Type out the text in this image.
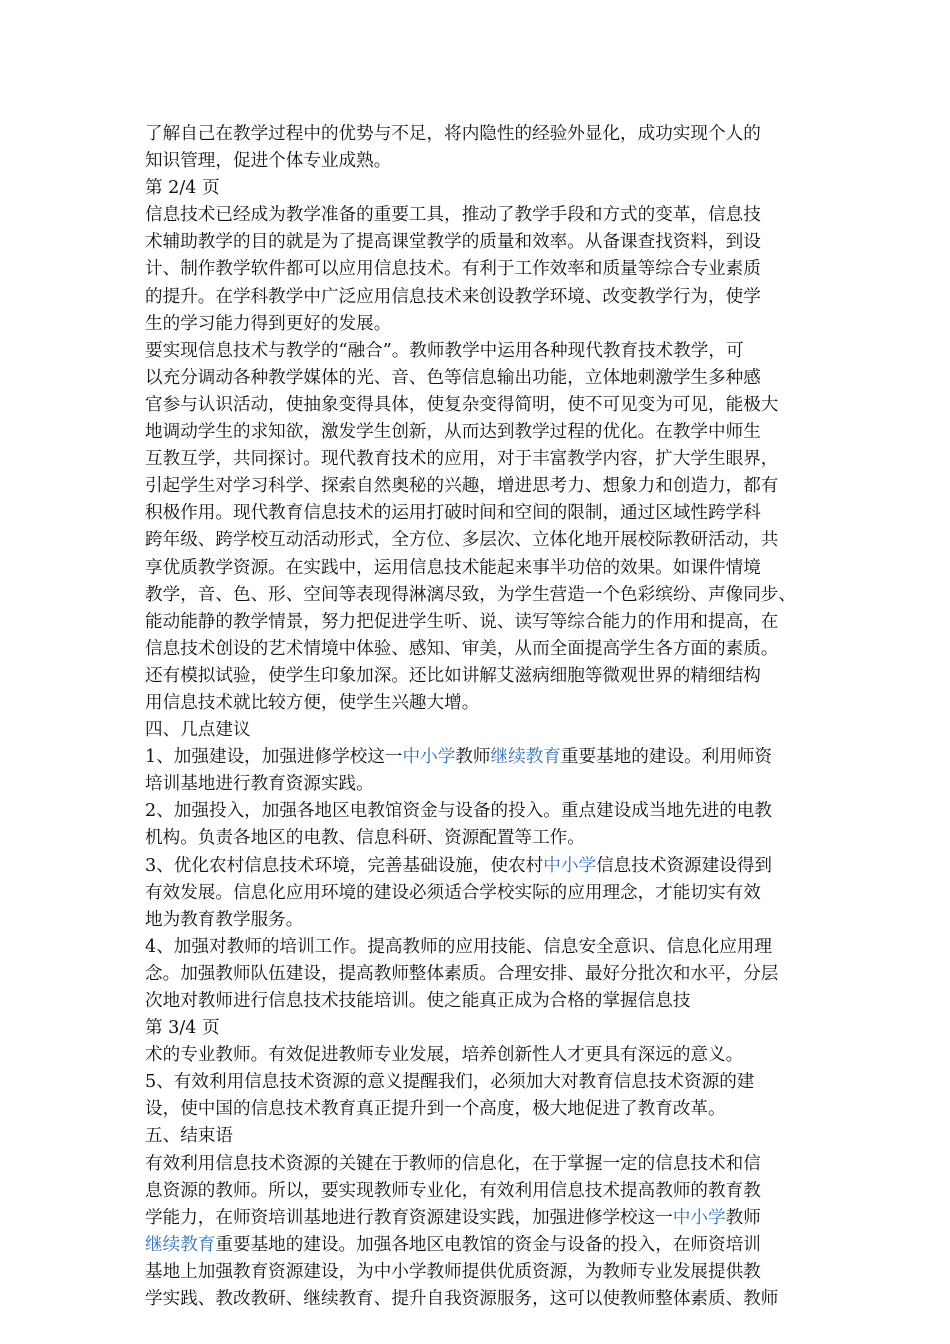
了解自己在教学过程中的优势与不足，将内隐性的经验外显化，成功实现个人的
知识管理，促进个体专业成熟。
第 2/4 页
信息技术已经成为教学准备的重要工具，推动了教学手段和方式的变革，信息技
术辅助教学的目的就是为了提高课堂教学的质量和效率。从备课查找资料，到设
计、制作教学软件都可以应用信息技术。有利于工作效率和质量等综合专业素质
的提升。在学科教学中广泛应用信息技术来创设教学环境、改变教学行为，使学
生的学习能力得到更好的发展。
要实现信息技术与教学的“融合”。教师教学中运用各种现代教育技术教学，可
以充分调动各种教学媒体的光、音、色等信息输出功能，立体地刺激学生多种感
官参与认识活动，使抽象变得具体，使复杂变得简明，使不可见变为可见，能极大
地调动学生的求知欲，激发学生创新，从而达到教学过程的优化。在教学中师生
互教互学，共同探讨。现代教育技术的应用，对于丰富教学内容，扩大学生眼界，
引起学生对学习科学、探索自然奥秘的兴趣，增进思考力、想象力和创造力，都有
积极作用。现代教育信息技术的运用打破时间和空间的限制，通过区域性跨学科
跨年级、跨学校互动活动形式，全方位、多层次、立体化地开展校际教研活动，共
享优质教学资源。在实践中，运用信息技术能起来事半功倍的效果。如课件情境
教学，音、色、形、空间等表现得淋漓尽致，为学生营造一个色彩缤纷、声像同步、
能动能静的教学情景，努力把促进学生听、说、读写等综合能力的作用和提高，在
信息技术创设的艺术情境中体验、感知、审美，从而全面提高学生各方面的素质。
还有模拟试验，使学生印象加深。还比如讲解艾滋病细胞等微观世界的精细结构
用信息技术就比较方便，使学生兴趣大增。
四、几点建议
1、加强建设，加强进修学校这一中小学教师继续教育重要基地的建设。利用师资
培训基地进行教育资源实践。
2、加强投入，加强各地区电教馆资金与设备的投入。重点建设成当地先进的电教
机构。负责各地区的电教、信息科研、资源配置等工作。
3、优化农村信息技术环境，完善基础设施，使农村中小学信息技术资源建设得到
有效发展。信息化应用环境的建设必须适合学校实际的应用理念，才能切实有效
地为教育教学服务。
4、加强对教师的培训工作。提高教师的应用技能、信息安全意识、信息化应用理
念。加强教师队伍建设，提高教师整体素质。合理安排、最好分批次和水平，分层
次地对教师进行信息技术技能培训。使之能真正成为合格的掌握信息技
第 3/4 页
术的专业教师。有效促进教师专业发展，培养创新性人才更具有深远的意义。
5、有效利用信息技术资源的意义提醒我们，必须加大对教育信息技术资源的建
设，使中国的信息技术教育真正提升到一个高度，极大地促进了教育改革。
五、结束语
有效利用信息技术资源的关键在于教师的信息化，在于掌握一定的信息技术和信
息资源的教师。所以，要实现教师专业化，有效利用信息技术提高教师的教育教
学能力，在师资培训基地进行教育资源建设实践，加强进修学校这一中小学教师
继续教育重要基地的建设。加强各地区电教馆的资金与设备的投入，在师资培训
基地上加强教育资源建设，为中小学教师提供优质资源，为教师专业发展提供教
学实践、教改教研、继续教育、提升自我资源服务，这可以使教师整体素质、教师
